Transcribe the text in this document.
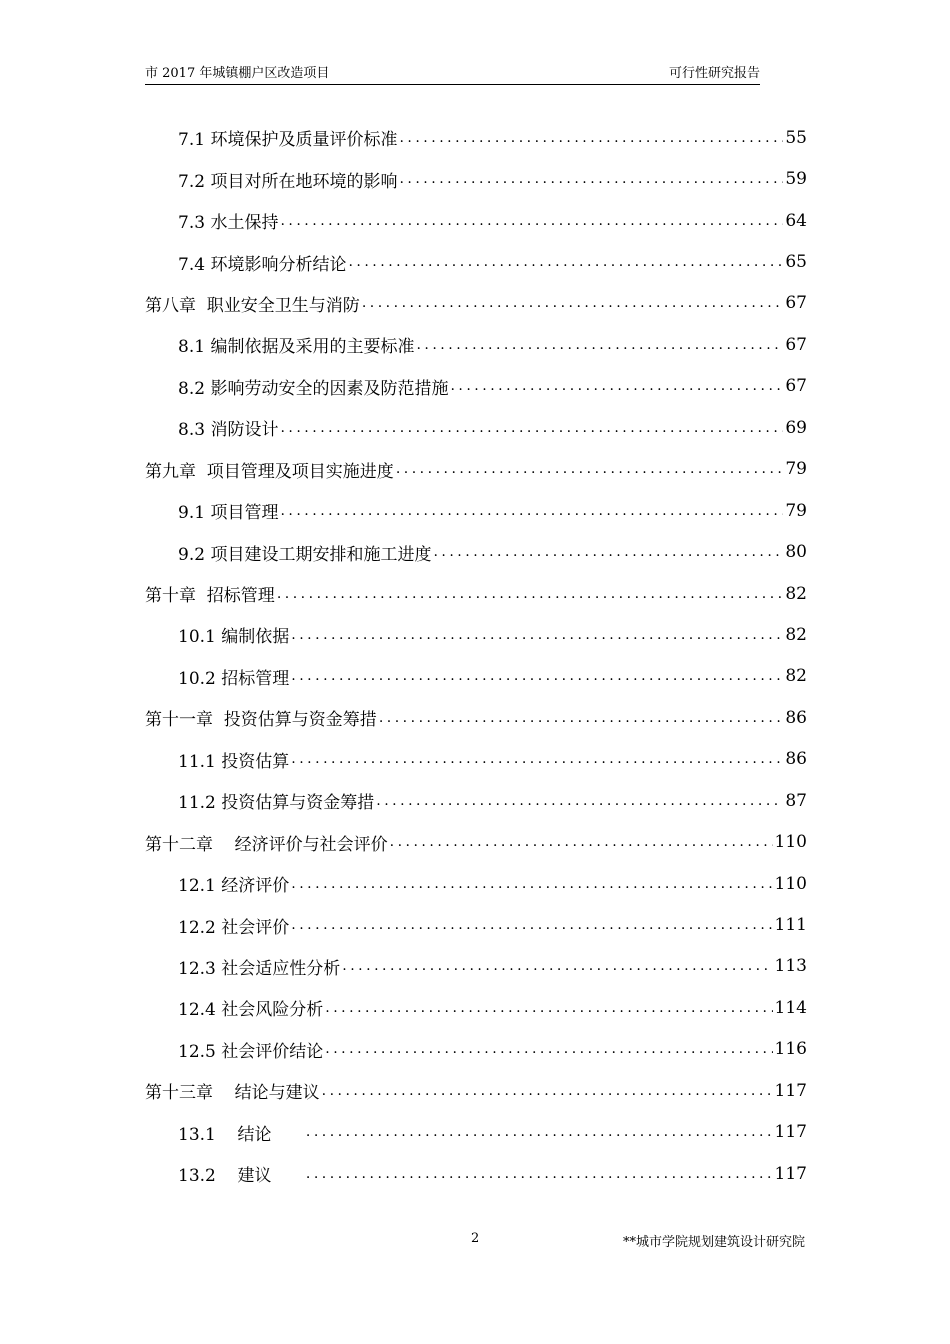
市 2017 年城镇棚户区改造项目	可行性研究报告
7.1 环境保护及质量评价标准 .....	55
7.2 项目对所在地环境的影响 .....	59
7.3 水土保持 .....	64
7.4 环境影响分析结论 .....	65
第八章  职业安全卫生与消防 .....	67
8.1 编制依据及采用的主要标准 .....	67
8.2 影响劳动安全的因素及防范措施 .....	67
8.3 消防设计 .....	69
第九章  项目管理及项目实施进度 .....	79
9.1 项目管理 .....	79
9.2 项目建设工期安排和施工进度 .....	80
第十章  招标管理 .....	82
10.1 编制依据 .....	82
10.2 招标管理 .....	82
第十一章  投资估算与资金筹措 .....	86
11.1 投资估算 .....	86
11.2 投资估算与资金筹措 .....	87
第十二章    经济评价与社会评价 .....	110
12.1 经济评价 .....	110
12.2 社会评价 .....	111
12.3 社会适应性分析 .....	113
12.4 社会风险分析 .....	114
12.5 社会评价结论 .....	116
第十三章    结论与建议 .....	117
13.1    结论 .....	117
13.2    建议 .....	117
2	**城市学院规划建筑设计研究院
